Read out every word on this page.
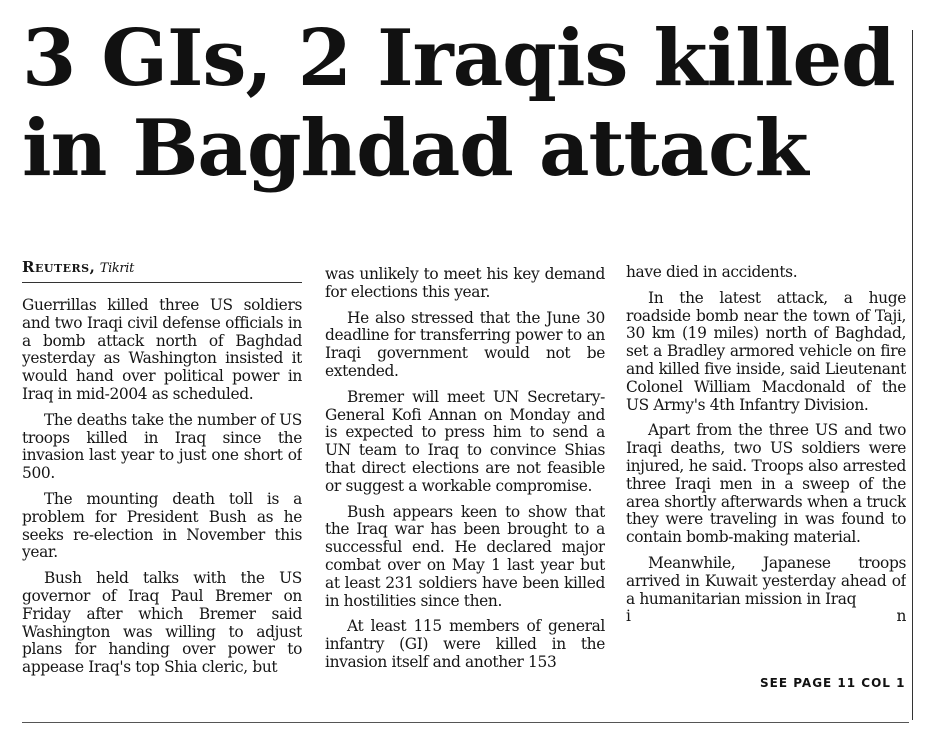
3 GIs, 2 Iraqis killed
in Baghdad attack
Reuters, Tikrit

Guerrillas killed three US soldiers and two Iraqi civil defense officials in a bomb attack north of Baghdad yesterday as Washington insisted it would hand over political power in Iraq in mid-2004 as scheduled.

The deaths take the number of US troops killed in Iraq since the invasion last year to just one short of 500.

The mounting death toll is a problem for President Bush as he seeks re-election in November this year.

Bush held talks with the US governor of Iraq Paul Bremer on Friday after which Bremer said Washington was willing to adjust plans for handing over power to appease Iraq's top Shia cleric, but

was unlikely to meet his key demand for elections this year.

He also stressed that the June 30 deadline for transferring power to an Iraqi government would not be extended.

Bremer will meet UN Secretary-General Kofi Annan on Monday and is expected to press him to send a UN team to Iraq to convince Shias that direct elections are not feasible or suggest a workable compromise.

Bush appears keen to show that the Iraq war has been brought to a successful end. He declared major combat over on May 1 last year but at least 231 soldiers have been killed in hostilities since then.

At least 115 members of general infantry (GI) were killed in the invasion itself and another 153

have died in accidents.

In the latest attack, a huge roadside bomb near the town of Taji, 30 km (19 miles) north of Baghdad, set a Bradley armored vehicle on fire and killed five inside, said Lieutenant Colonel William Macdonald of the US Army's 4th Infantry Division.

Apart from the three US and two Iraqi deaths, two US soldiers were injured, he said. Troops also arrested three Iraqi men in a sweep of the area shortly afterwards when a truck they were traveling in was found to contain bomb-making material.

Meanwhile, Japanese troops arrived in Kuwait yesterday ahead of a humanitarian mission in Iraq

i	n
SEE PAGE 11 COL 1
